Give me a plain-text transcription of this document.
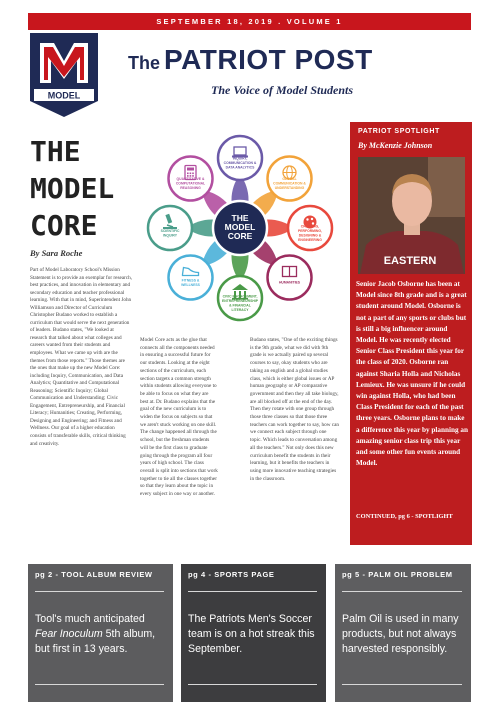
SEPTEMBER 18, 2019 . VOLUME 1
MODEL
The PATRIOT POST
The Voice of Model Students
THE
MODEL
CORE
By Sara Roche
Part of Model Laboratory School's Mission Statement is to provide an exemplar for research, best practices, and innovation in elementary and secondary education and teacher professional learning. With that in mind, Superintendent John Williamson and Director of Curriculum Christopher Budano worked to establish a curriculum that would serve the next generation of leaders. Budano states, "We looked at research that talked about what colleges and careers wanted from their students and employees. What we came up with are the themes from those reports." Those themes are the ones that make up the new Model Core: including Inquiry, Communication, and Data Analytics; Quantitative and Computational Reasoning; Scientific Inquiry; Global Communication and Understanding; Civic Engagement, Entrepreneurship, and Financial Literacy; Humanities; Creating, Performing, Designing and Engineering; and Fitness and Wellness. Our goal of a higher education consists of transferable skills, critical thinking and creativity.
Model Core acts as the glue that connects all the components needed in ensuring a successful future for our students. Looking at the eight sections of the curriculum, each section targets a common strength within students allowing everyone to be able to focus on what they are best at. Dr. Budano explains that the goal of the new curriculum is to widen the focus on subjects so that we aren't stuck working on one skill. The change happened all through the school, but the freshman students will be the first class to graduate going through the program all four years of high school. The class overall is split into sections that work together to tie all the classes together so that they learn about the topic in every subject in one way or another.
Budano states, "One of the exciting things is the 9th grade, what we did with 9th grade is we actually paired up several courses to say, okay students who are taking an english and a global studies class, which is either global issues or AP human geography or AP comparative government and then they all take biology, are all blocked off at the end of the day. Then they rotate with one group through those three classes so that those three teachers can work together to say, how can we connect each subject through one topic. Which leads to conversation among all the teachers." Not only does this new curriculum benefit the students in their learning, but it benefits the teachers in using more innovative teaching strategies in the classroom.
INQUIRY,
COMMUNICATION &
DATA ANALYTICS
GLOBAL
COMMUNICATION &
UNDERSTANDING
CREATING,
PERFORMING,
DESIGNING &
ENGINEERING
HUMANITIES
CIVIC ENGAGEMENT,
ENTREPRENEURSHIP
& FINANCIAL
LITERACY
FITNESS &
WELLNESS
SCIENTIFIC
INQUIRY
QUANTITATIVE &
COMPUTATIONAL
REASONING
THE
MODEL
CORE
PATRIOT SPOTLIGHT
By McKenzie Johnson
EASTERN
Senior Jacob Osborne has been at Model since 8th grade and is a great student around Model. Osborne is not a part of any sports or clubs but is still a big influencer around Model. He was recently elected Senior Class President this year for the class of 2020. Osborne ran against Sharia Holla and Nicholas Lemieux. He was unsure if he could win against Holla, who had been Class President for each of the past three years. Osborne plans to make a difference this year by planning an amazing senior class trip this year and some other fun events around Model.
CONTINUED, pg 6 - SPOTLIGHT
pg 2 - TOOL ALBUM REVIEW
Tool's much anticipated Fear Inoculum 5th album, but first in 13 years.
pg 4 - SPORTS PAGE
The Patriots Men's Soccer team is on a hot streak this September.
pg 5 - PALM OIL PROBLEM
Palm Oil is used in many products, but not always harvested responsibly.
